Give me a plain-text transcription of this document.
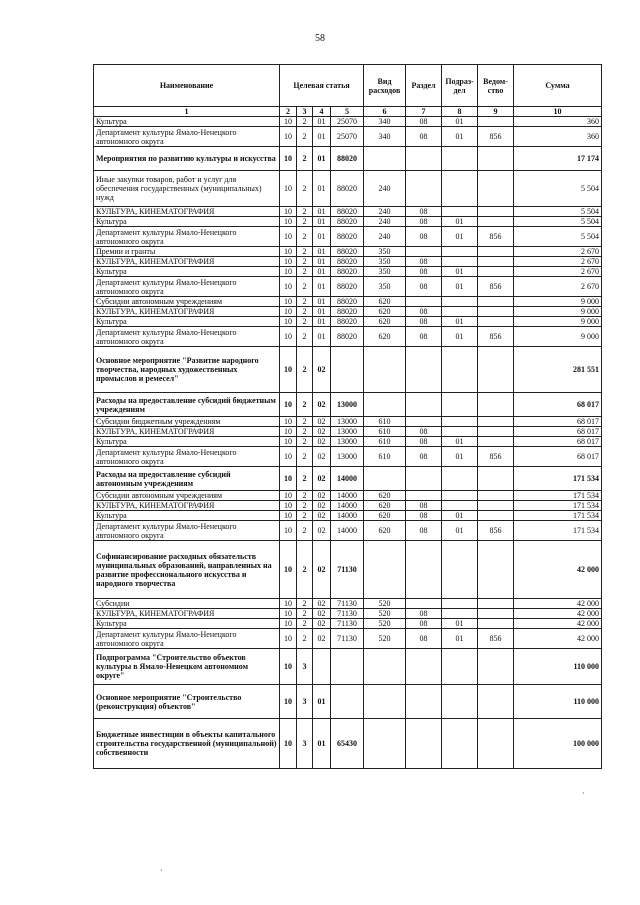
58
Наименование	Целевая статья				Вид расходов	Раздел	Подраз-дел	Ведом-ство	Сумма
1	2	3	4	5	6	7	8	9	10
Культура	10	2	01	25070	340	08	01		360
Департамент культуры Ямало-Ненецкого автономного округа	10	2	01	25070	340	08	01	856	360
Мероприятия по развитию культуры и искусства	10	2	01	88020					17 174
Иные закупки товаров, работ и услуг для обеспечения государственных (муниципальных) нужд	10	2	01	88020	240				5 504
КУЛЬТУРА, КИНЕМАТОГРАФИЯ	10	2	01	88020	240	08			5 504
Культура	10	2	01	88020	240	08	01		5 504
Департамент культуры Ямало-Ненецкого автономного округа	10	2	01	88020	240	08	01	856	5 504
Премии и гранты	10	2	01	88020	350				2 670
КУЛЬТУРА, КИНЕМАТОГРАФИЯ	10	2	01	88020	350	08			2 670
Культура	10	2	01	88020	350	08	01		2 670
Департамент культуры Ямало-Ненецкого автономного округа	10	2	01	88020	350	08	01	856	2 670
Субсидии автономным учреждениям	10	2	01	88020	620				9 000
КУЛЬТУРА, КИНЕМАТОГРАФИЯ	10	2	01	88020	620	08			9 000
Культура	10	2	01	88020	620	08	01		9 000
Департамент культуры Ямало-Ненецкого автономного округа	10	2	01	88020	620	08	01	856	9 000
Основное мероприятие "Развитие народного творчества, народных художественных промыслов и ремесел"	10	2	02						281 551
Расходы на предоставление субсидий бюджетным учреждениям	10	2	02	13000					68 017
Субсидии бюджетным учреждениям	10	2	02	13000	610				68 017
КУЛЬТУРА, КИНЕМАТОГРАФИЯ	10	2	02	13000	610	08			68 017
Культура	10	2	02	13000	610	08	01		68 017
Департамент культуры Ямало-Ненецкого автономного округа	10	2	02	13000	610	08	01	856	68 017
Расходы на предоставление субсидий автономным учреждениям	10	2	02	14000					171 534
Субсидии автономным учреждениям	10	2	02	14000	620				171 534
КУЛЬТУРА, КИНЕМАТОГРАФИЯ	10	2	02	14000	620	08			171 534
Культура	10	2	02	14000	620	08	01		171 534
Департамент культуры Ямало-Ненецкого автономного округа	10	2	02	14000	620	08	01	856	171 534
Софинансирование расходных обязательств муниципальных образований, направленных на развитие профессионального искусства и народного творчества	10	2	02	71130					42 000
Субсидии	10	2	02	71130	520				42 000
КУЛЬТУРА, КИНЕМАТОГРАФИЯ	10	2	02	71130	520	08			42 000
Культура	10	2	02	71130	520	08	01		42 000
Департамент культуры Ямало-Ненецкого автономного округа	10	2	02	71130	520	08	01	856	42 000
Подпрограмма "Строительство объектов культуры в Ямало-Ненецком автономном округе"	10	3							110 000
Основное мероприятие "Строительство (реконструкция) объектов"	10	3	01						110 000
Бюджетные инвестиции в объекты капитального строительства государственной (муниципальной) собственности	10	3	01	65430					100 000
·
·
